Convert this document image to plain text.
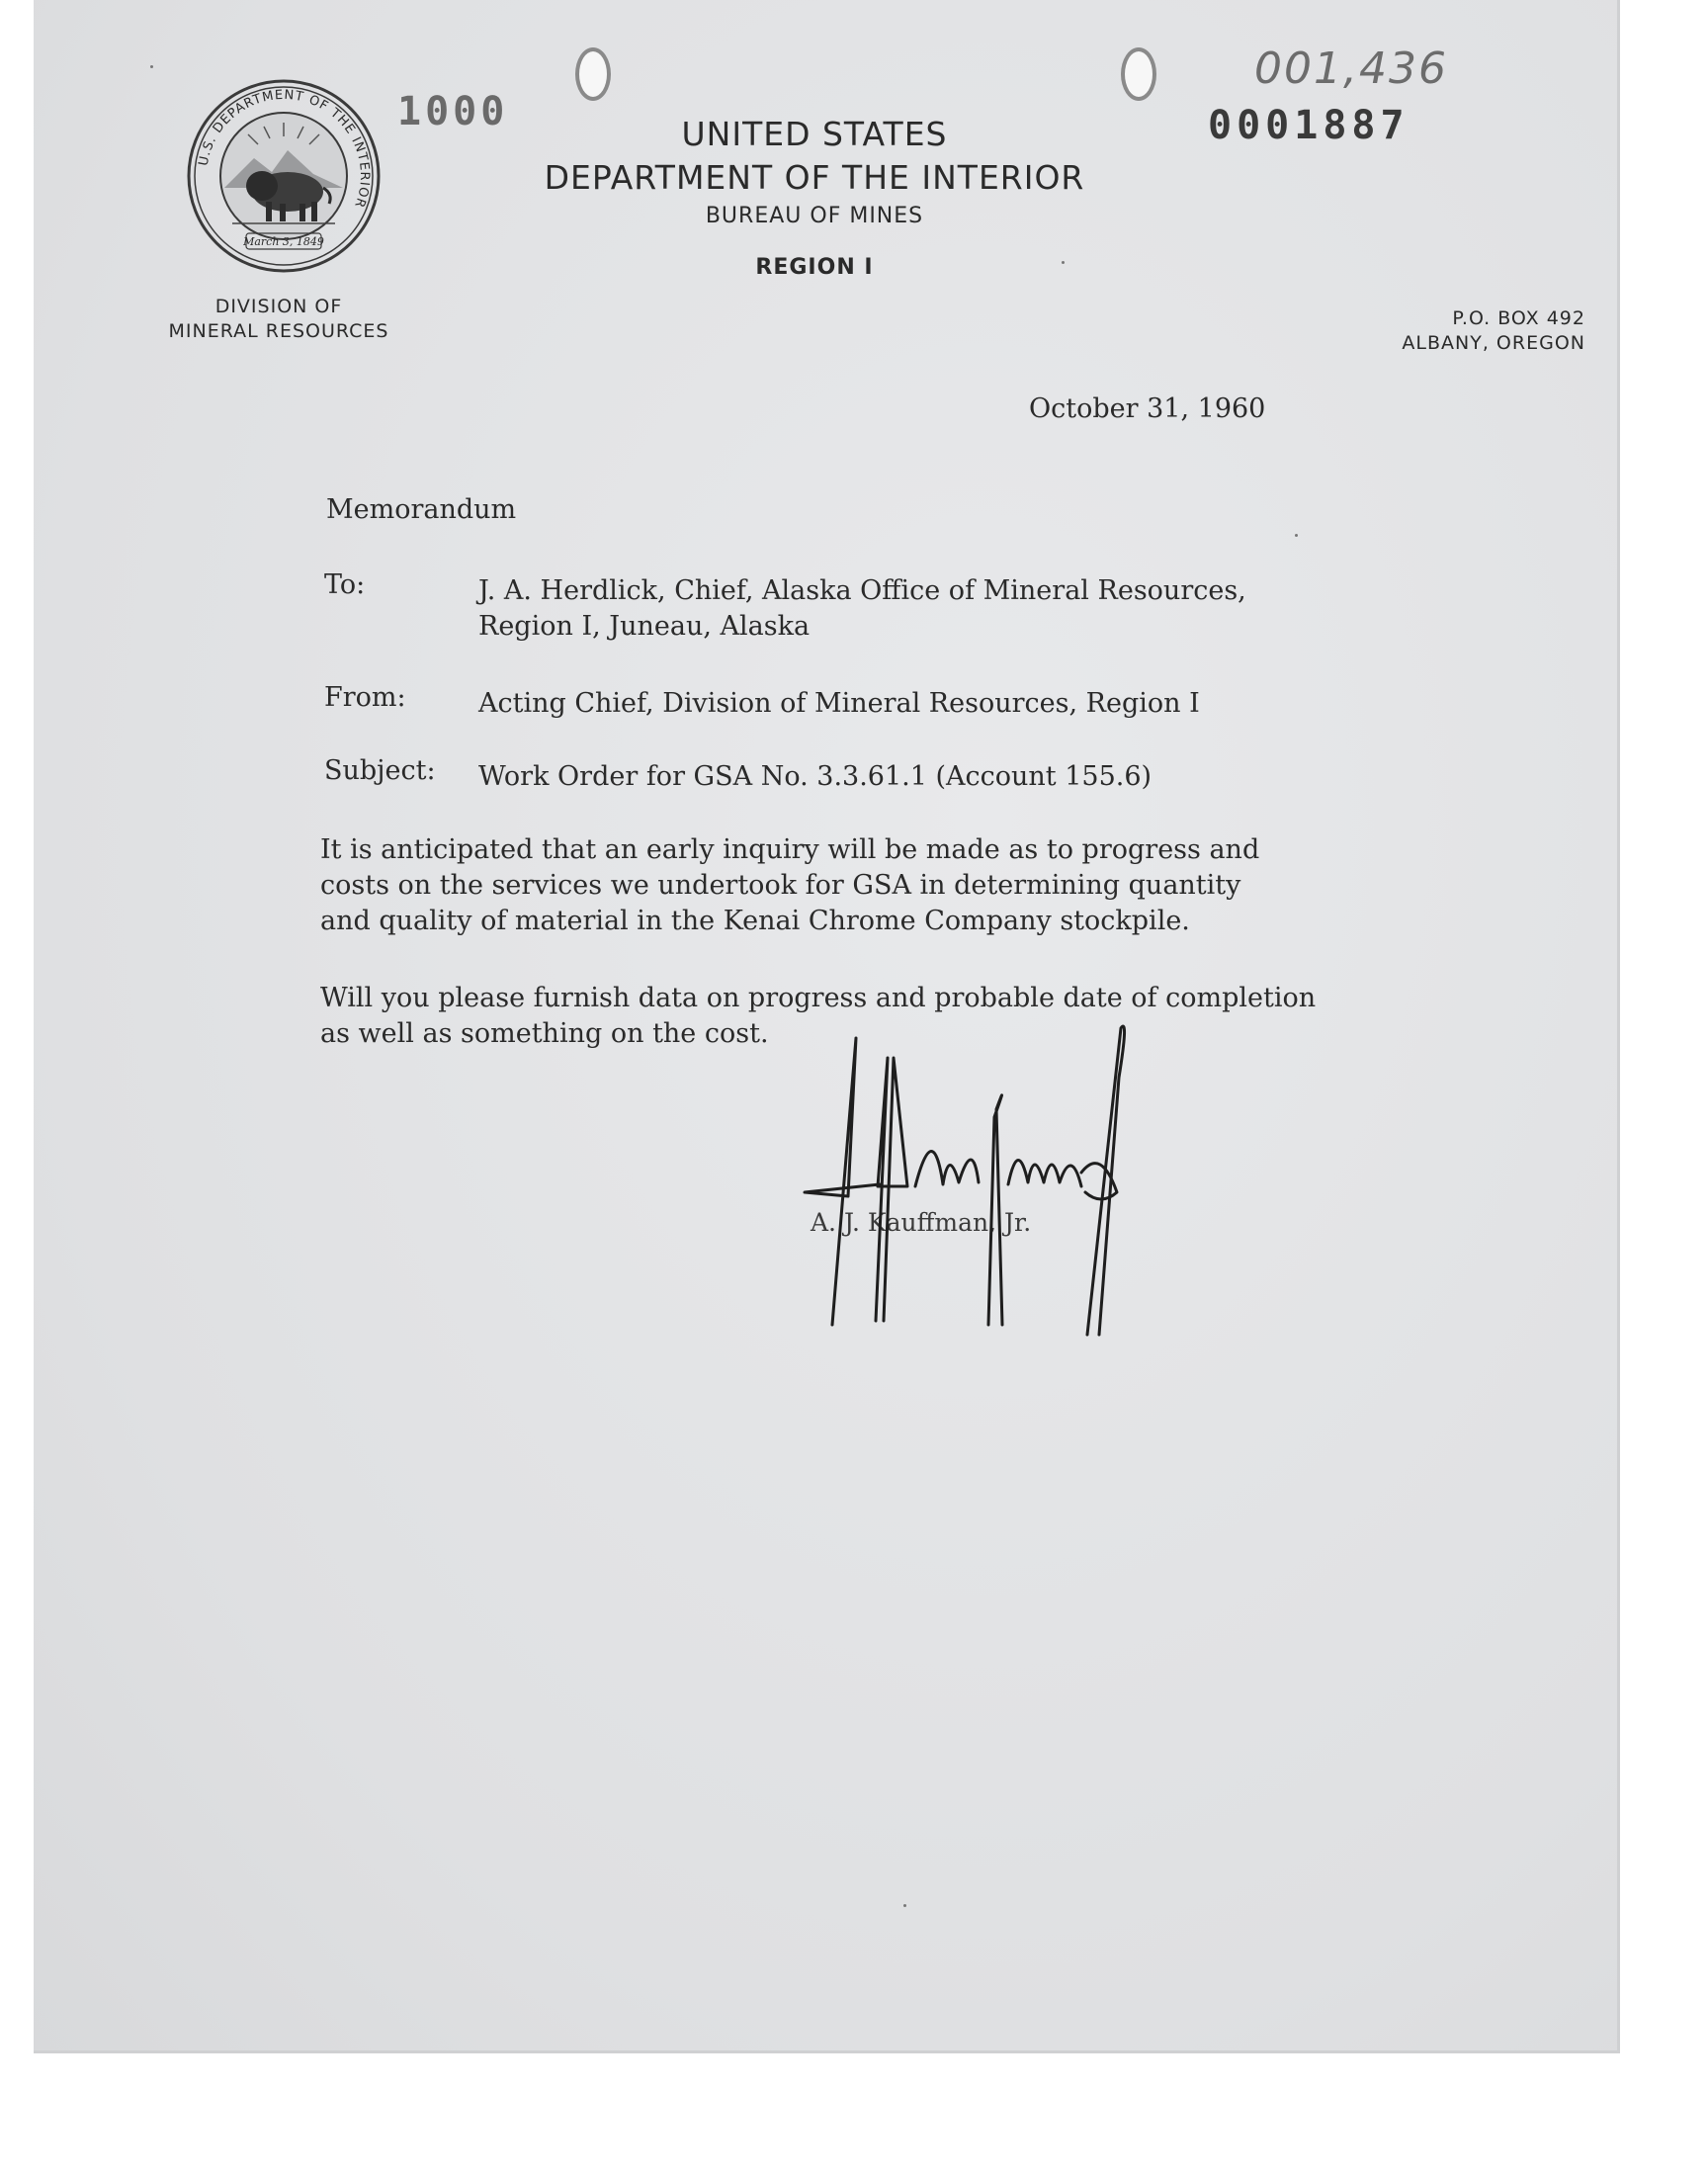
U.S. DEPARTMENT OF THE INTERIOR
March 3, 1849
1000
001,436
0001887
UNITED STATES
DEPARTMENT OF THE INTERIOR
BUREAU OF MINES
REGION I
DIVISION OF
MINERAL RESOURCES
P.O. BOX 492
ALBANY, OREGON
October 31, 1960
Memorandum
To:	J. A. Herdlick, Chief, Alaska Office of Mineral Resources,
Region I, Juneau, Alaska
From:	Acting Chief, Division of Mineral Resources, Region I
Subject: Work Order for GSA No. 3.3.61.1 (Account 155.6)
It is anticipated that an early inquiry will be made as to progress and
costs on the services we undertook for GSA in determining quantity
and quality of material in the Kenai Chrome Company stockpile.
Will you please furnish data on progress and probable date of completion
as well as something on the cost.
A. J. Kauffman, Jr.
